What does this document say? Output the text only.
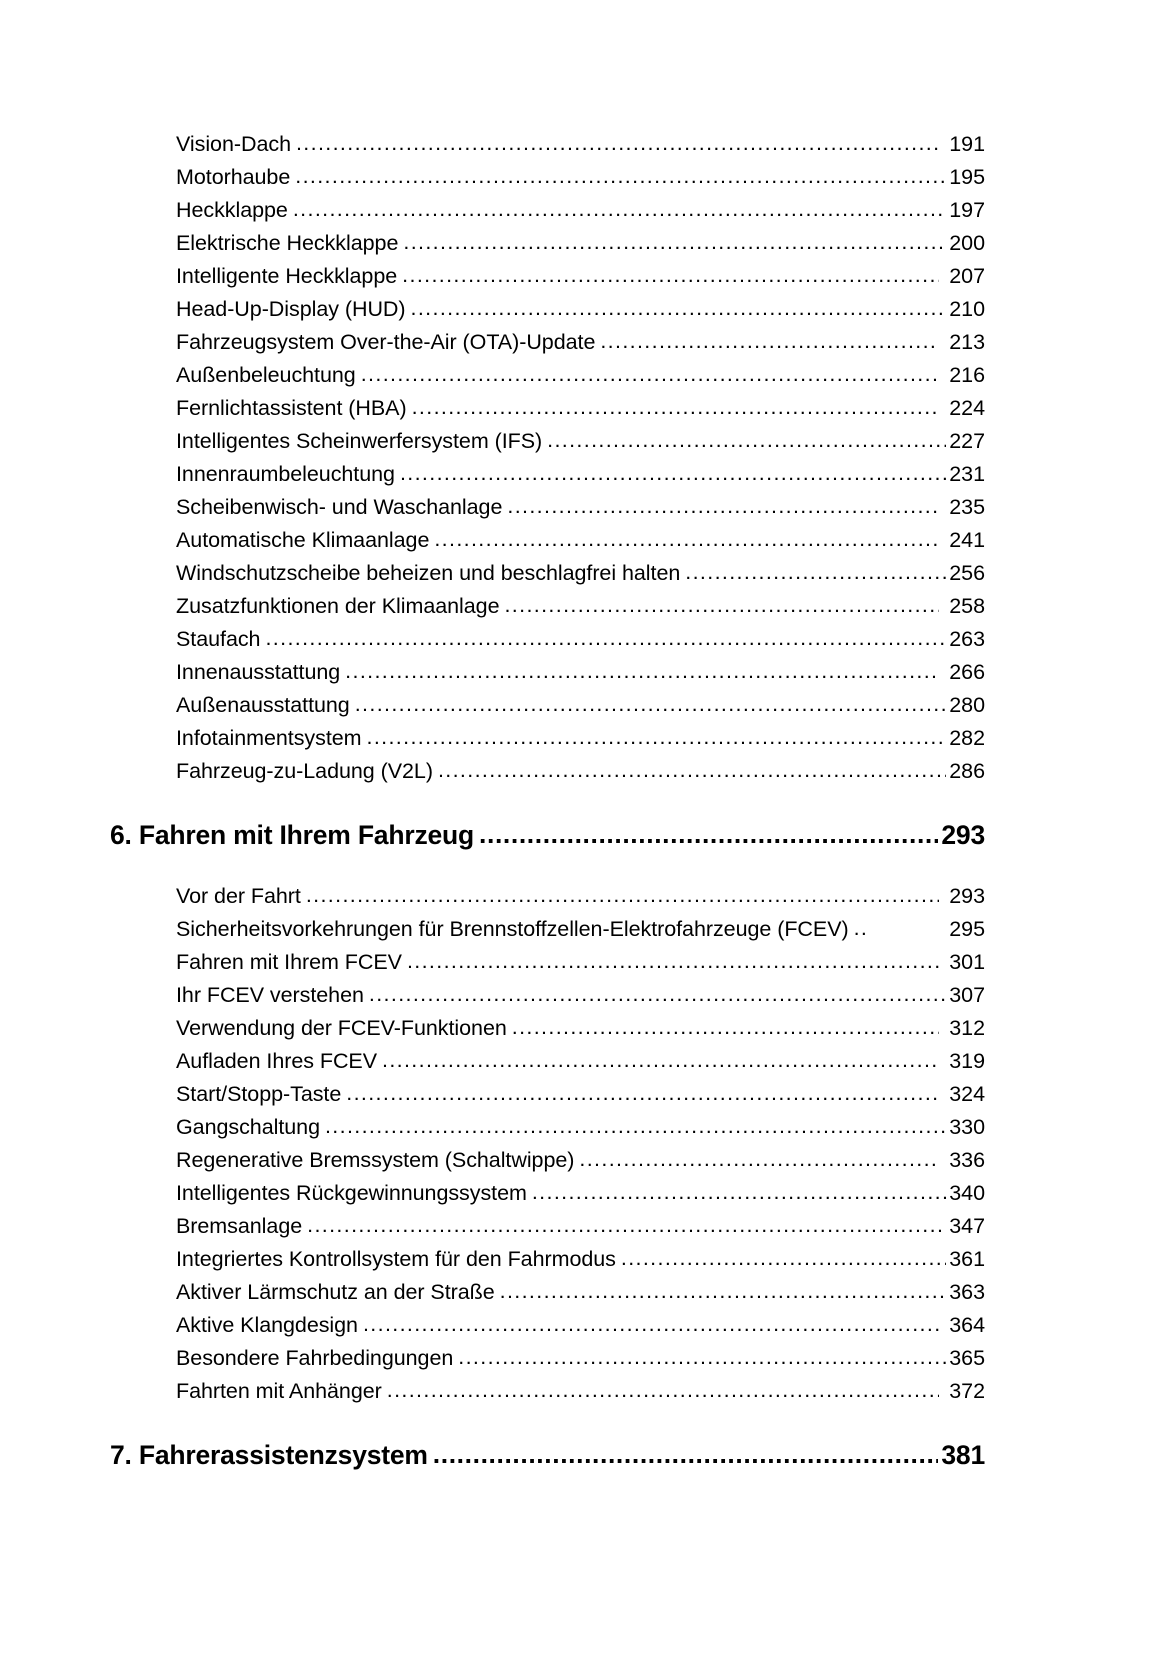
Vision-Dach .....	191
Motorhaube .....	195
Heckklappe .....	197
Elektrische Heckklappe .....	200
Intelligente Heckklappe .....	207
Head-Up-Display (HUD) .....	210
Fahrzeugsystem Over-the-Air (OTA)-Update .....	213
Außenbeleuchtung .....	216
Fernlichtassistent (HBA) .....	224
Intelligentes Scheinwerfersystem (IFS) .....	227
Innenraumbeleuchtung .....	231
Scheibenwisch- und Waschanlage .....	235
Automatische Klimaanlage .....	241
Windschutzscheibe beheizen und beschlagfrei halten .....	256
Zusatzfunktionen der Klimaanlage .....	258
Staufach .....	263
Innenausstattung .....	266
Außenausstattung .....	280
Infotainmentsystem .....	282
Fahrzeug-zu-Ladung (V2L) .....	286
6. Fahren mit Ihrem Fahrzeug .....	293
Vor der Fahrt .....	293
Sicherheitsvorkehrungen für Brennstoffzellen-Elektrofahrzeuge (FCEV) ..	295
Fahren mit Ihrem FCEV .....	301
Ihr FCEV verstehen .....	307
Verwendung der FCEV-Funktionen .....	312
Aufladen Ihres FCEV .....	319
Start/Stopp-Taste .....	324
Gangschaltung .....	330
Regenerative Bremssystem (Schaltwippe) .....	336
Intelligentes Rückgewinnungssystem .....	340
Bremsanlage .....	347
Integriertes Kontrollsystem für den Fahrmodus .....	361
Aktiver Lärmschutz an der Straße .....	363
Aktive Klangdesign .....	364
Besondere Fahrbedingungen .....	365
Fahrten mit Anhänger .....	372
7. Fahrerassistenzsystem .....	381
